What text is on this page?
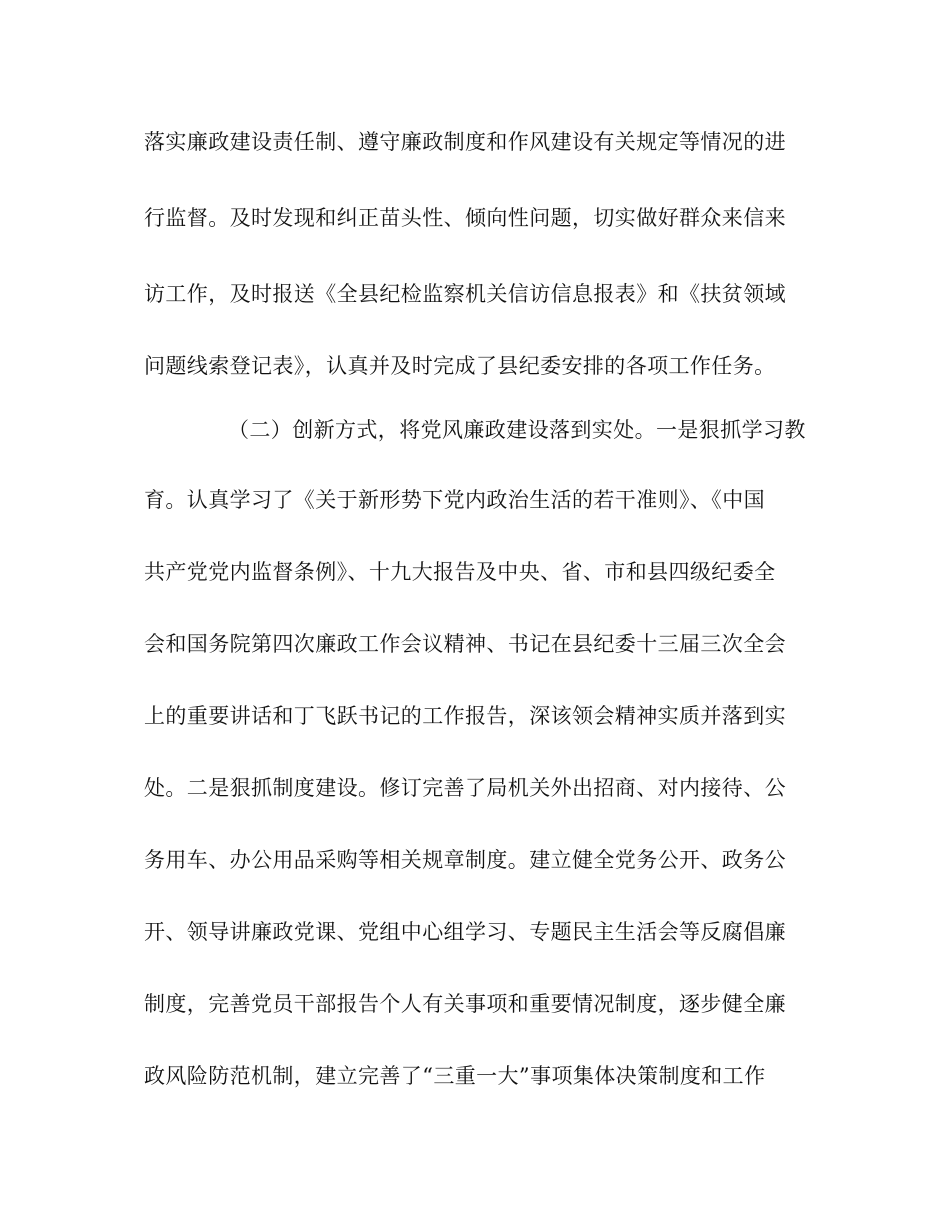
落实廉政建设责任制、遵守廉政制度和作风建设有关规定等情况的进
行监督。及时发现和纠正苗头性、倾向性问题，切实做好群众来信来
访工作，及时报送《全县纪检监察机关信访信息报表》和《扶贫领域
问题线索登记表》，认真并及时完成了县纪委安排的各项工作任务。
（二）创新方式，将党风廉政建设落到实处。一是狠抓学习教
育。认真学习了《关于新形势下党内政治生活的若干准则》、《中国
共产党党内监督条例》、十九大报告及中央、省、市和县四级纪委全
会和国务院第四次廉政工作会议精神、书记在县纪委十三届三次全会
上的重要讲话和丁飞跃书记的工作报告，深该领会精神实质并落到实
处。二是狠抓制度建设。修订完善了局机关外出招商、对内接待、公
务用车、办公用品采购等相关规章制度。建立健全党务公开、政务公
开、领导讲廉政党课、党组中心组学习、专题民主生活会等反腐倡廉
制度，完善党员干部报告个人有关事项和重要情况制度，逐步健全廉
政风险防范机制，建立完善了“三重一大”事项集体决策制度和工作
